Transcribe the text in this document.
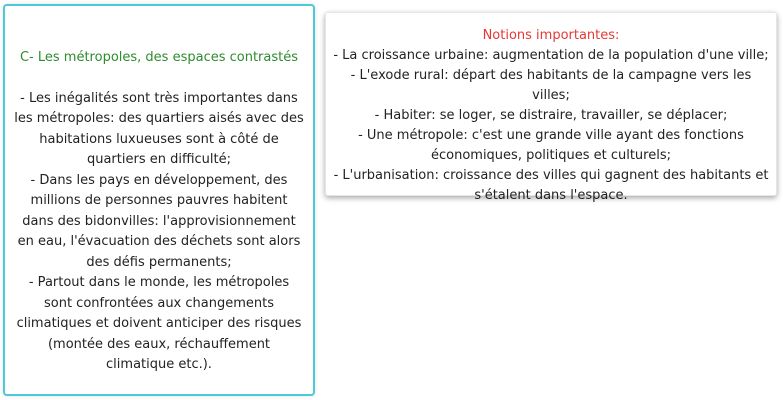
C- Les métropoles, des espaces contrastés

- Les inégalités sont très importantes dans les métropoles: des quartiers aisés avec des habitations luxueuses sont à côté de quartiers en difficulté;

- Dans les pays en développement, des millions de personnes pauvres habitent dans des bidonvilles: l'approvisionnement en eau, l'évacuation des déchets sont alors des défis permanents;

- Partout dans le monde, les métropoles sont confrontées aux changements climatiques et doivent anticiper des risques (montée des eaux, réchauffement climatique etc.).

Notions importantes:

- La croissance urbaine: augmentation de la population d'une ville;

- L'exode rural: départ des habitants de la campagne vers les villes;

- Habiter: se loger, se distraire, travailler, se déplacer;

- Une métropole: c'est une grande ville ayant des fonctions économiques, politiques et culturels;

- L'urbanisation: croissance des villes qui gagnent des habitants et s'étalent dans l'espace.
